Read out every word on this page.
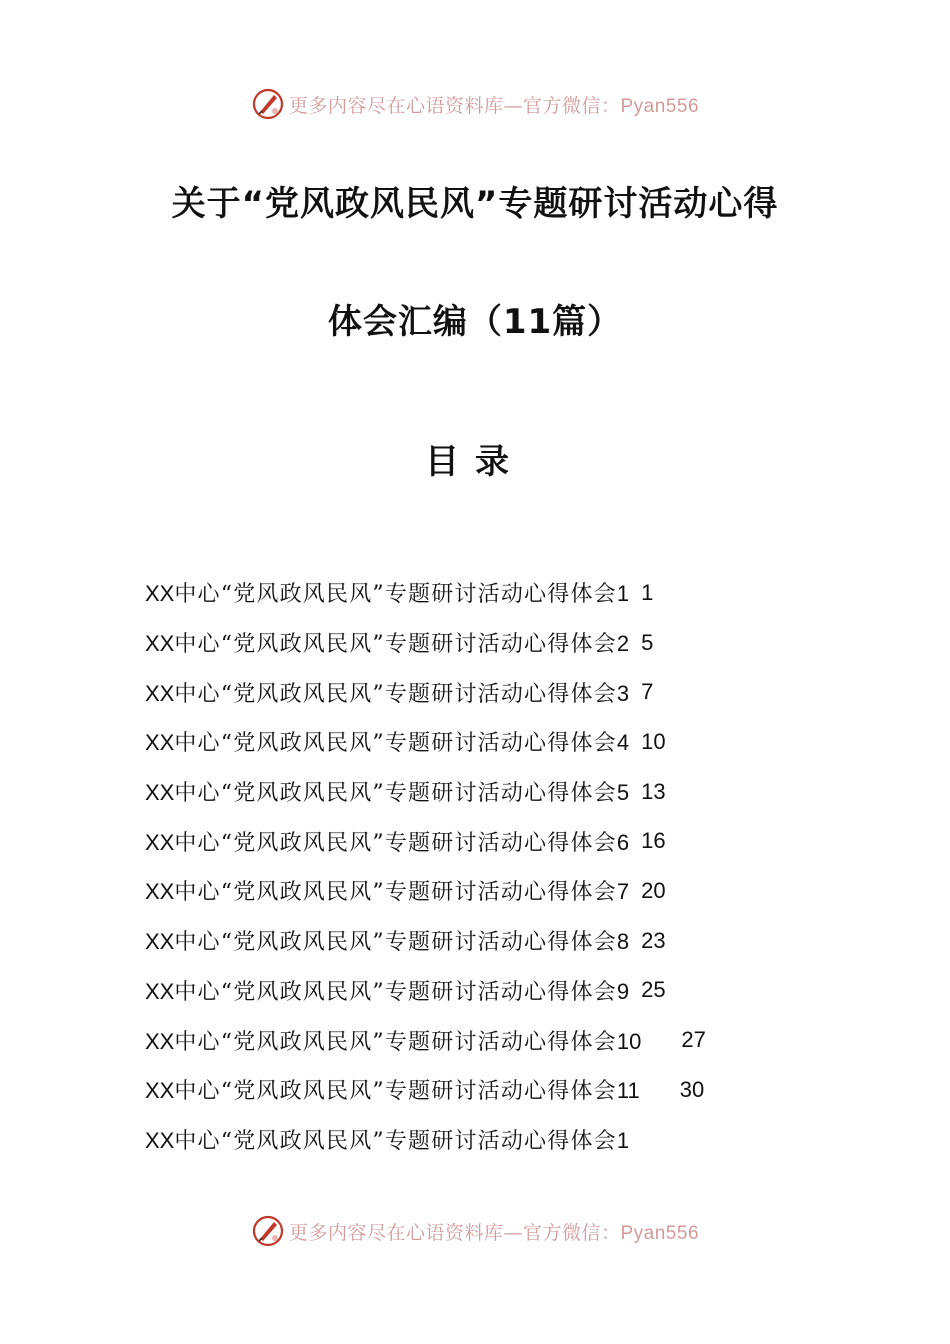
更多内容尽在心语资料库—官方微信：Pyan556
关于“党风政风民风”专题研讨活动心得
体会汇编（11篇）
目录
XX中心“党风政风民风”专题研讨活动心得体会1 1
XX中心“党风政风民风”专题研讨活动心得体会2 5
XX中心“党风政风民风”专题研讨活动心得体会3 7
XX中心“党风政风民风”专题研讨活动心得体会4 10
XX中心“党风政风民风”专题研讨活动心得体会5 13
XX中心“党风政风民风”专题研讨活动心得体会6 16
XX中心“党风政风民风”专题研讨活动心得体会7 20
XX中心“党风政风民风”专题研讨活动心得体会8 23
XX中心“党风政风民风”专题研讨活动心得体会9 25
XX中心“党风政风民风”专题研讨活动心得体会10 27
XX中心“党风政风民风”专题研讨活动心得体会11 30
XX中心“党风政风民风”专题研讨活动心得体会1
更多内容尽在心语资料库—官方微信：Pyan556
